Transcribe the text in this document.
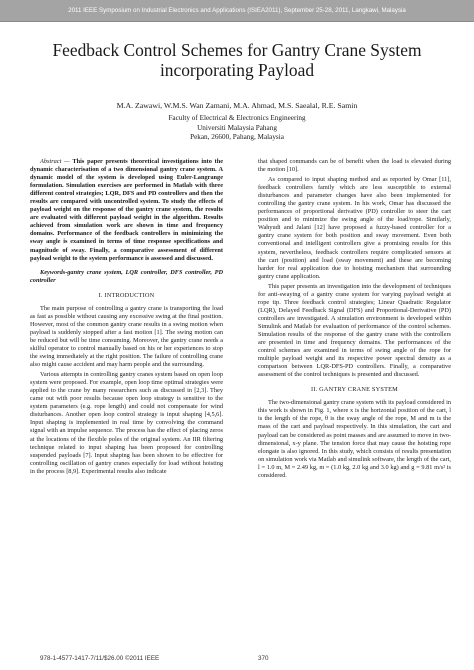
2011 IEEE Symposium on Industrial Electronics and Applications (ISIEA2011), September 25-28, 2011, Langkawi, Malaysia
Feedback Control Schemes for Gantry Crane System
incorporating Payload
M.A. Zawawi, W.M.S. Wan Zamani, M.A. Ahmad, M.S. Saealal, R.E. Samin
Faculty of Electrical & Electronics Engineering
Universiti Malaysia Pahang
Pekan, 26600, Pahang, Malaysia

Abstract — This paper presents theoretical investigations into the dynamic characterisation of a two dimensional gantry crane system. A dynamic model of the system is developed using Euler-Langrange formulation. Simulation exercises are performed in Matlab with three different control strategies; LQR, DFS and PD controllers and then the results are compared with uncontrolled system. To study the effects of payload weight on the response of the gantry crane system, the results are evaluated with different payload weight in the algorithm. Results achieved from simulation work are shown in time and frequency domains. Performance of the feedback controllers in minimizing the sway angle is examined in terms of time response specifications and magnitude of sway. Finally, a comparative assessment of different payload weight to the system performance is assessed and discussed.

Keywords-gantry crane system, LQR controller, DFS controller, PD controller

I. INTRODUCTION

The main purpose of controlling a gantry crane is transporting the load as fast as possible without causing any excessive swing at the final position. However, most of the common gantry crane results in a swing motion when payload is suddenly stopped after a fast motion [1]. The swing motion can be reduced but will be time consuming. Moreover, the gantry crane needs a skilful operator to control manually based on his or her experiences to stop the swing immediately at the right position. The failure of controlling crane also might cause accident and may harm people and the surrounding.

Various attempts in controlling gantry cranes system based on open loop system were proposed. For example, open loop time optimal strategies were applied to the crane by many researchers such as discussed in [2,3]. They came out with poor results because open loop strategy is sensitive to the system parameters (e.g. rope length) and could not compensate for wind disturbances. Another open loop control strategy is input shaping [4,5,6]. Input shaping is implemented in real time by convolving the command signal with an impulse sequence. The process has the effect of placing zeros at the locations of the flexible poles of the original system. An IIR filtering technique related to input shaping has been proposed for controlling suspended payloads [7]. Input shaping has been shown to be effective for controlling oscillation of gantry cranes especially for load without hoisting in the process [8,9]. Experimental results also indicate

that shaped commands can be of benefit when the load is elevated during the motion [10].

As compared to input shaping method and as reported by Omar [11], feedback controllers family which are less susceptible to external disturbances and parameter changes have also been implemented for controlling the gantry crane system. In his work, Omar has discussed the performances of proportional derivative (PD) controller to steer the cart position and to minimize the swing angle of the load/rope. Similarly, Wahyudi and Jalani [12] have proposed a fuzzy-based controller for a gantry crane system for both position and sway movement. Even both conventional and intelligent controllers give a promising results for this system, nevertheless, feedback controllers require complicated sensors at the cart (position) and load (sway movement) and these are becoming harder for real application due to hoisting mechanism that surrounding gantry crane application.

This paper presents an investigation into the development of techniques for anti-swaying of a gantry crane system for varying payload weight at rope tip. Three feedback control strategies; Linear Quadratic Regulator (LQR), Delayed Feedback Signal (DFS) and Proportional-Derivative (PD) controllers are investigated. A simulation environment is developed within Simulink and Matlab for evaluation of performance of the control schemes. Simulation results of the response of the gantry crane with the controllers are presented in time and frequency domains. The performances of the control schemes are examined in terms of swing angle of the rope for multiple payload weight and its respective power spectral density as a comparison between LQR-DFS-PD controllers. Finally, a comparative assessment of the control techniques is presented and discussed.

II. GANTRY CRANE SYSTEM

The two-dimensional gantry crane system with its payload considered in this work is shown in Fig. 1, where x is the horizontal position of the cart, l is the length of the rope, θ is the sway angle of the rope, M and m is the mass of the cart and payload respectively. In this simulation, the cart and payload can be considered as point masses and are assumed to move in two-dimensional, x-y plane. The tension force that may cause the hoisting rope elongate is also ignored. In this study, which consists of results presentation on simulation work via Matlab and simulink software, the length of the cart, l = 1.0 m, M = 2.49 kg, m = (1.0 kg, 2.0 kg and 3.0 kg) and g = 9.81 m/s² is considered.

978-1-4577-1417-7/11/$26.00 ©2011 IEEE	370
